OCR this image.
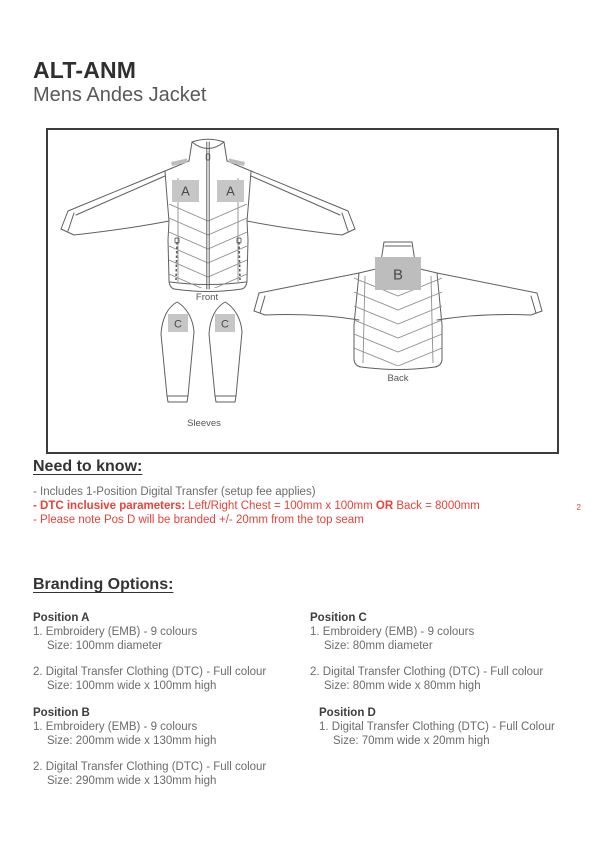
ALT-ANM
Mens Andes Jacket
A	A
Front
B
Back
C	C
Sleeves
Need to know:

- Includes 1-Position Digital Transfer (setup fee applies)

- DTC inclusive parameters: Left/Right Chest = 100mm x 100mm OR Back = 8000mm

- Please note Pos D will be branded +/- 20mm from the top seam

2
Branding Options:
Position A
1. Embroidery (EMB) - 9 colours
Size: 100mm diameter
2. Digital Transfer Clothing (DTC) - Full colour
Size: 100mm wide x 100mm high
Position B
1. Embroidery (EMB) - 9 colours
Size: 200mm wide x 130mm high
2. Digital Transfer Clothing (DTC) - Full colour
Size: 290mm wide x 130mm high
Position C
1. Embroidery (EMB) - 9 colours
Size: 80mm diameter
2. Digital Transfer Clothing (DTC) - Full colour
Size: 80mm wide x 80mm high
Position D
1. Digital Transfer Clothing (DTC) - Full Colour
Size: 70mm wide x 20mm high
